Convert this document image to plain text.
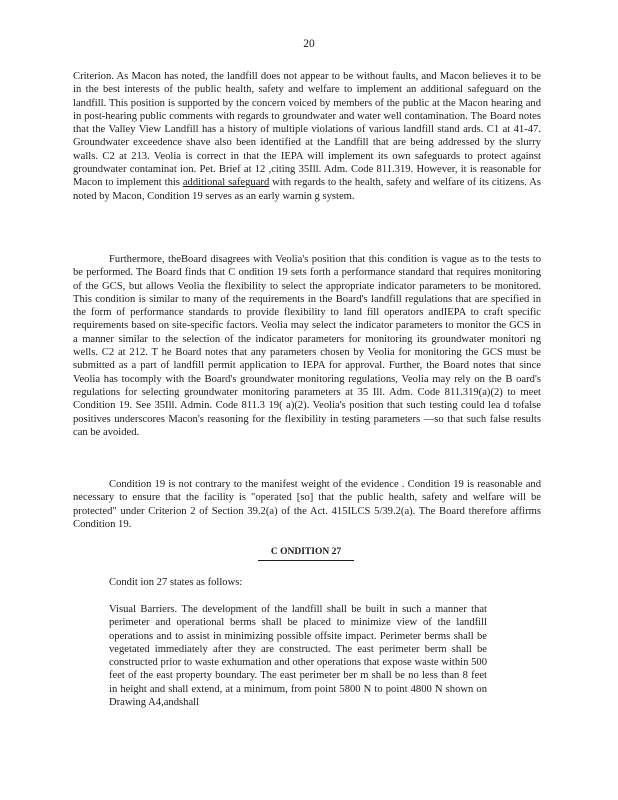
20

Criterion. As Macon has noted, the landfill does not appear to be without faults, and Macon believes it to be in the best interests of the public health, safety and welfare to implement an additional safeguard on the landfill. This position is supported by the concern voiced by members of the public at the Macon hearing and in post-hearing public comments with regards to groundwater and water well contamination. The Board notes that the Valley View Landfill has a history of multiple violations of various landfill stand ards. C1 at 41-47. Groundwater exceedence shave also been identified at the Landfill that are being addressed by the slurry walls. C2 at 213. Veolia is correct in that the IEPA will implement its own safeguards to protect against groundwater contaminat ion. Pet. Brief at 12 ,citing 35Ill. Adm. Code 811.319. However, it is reasonable for Macon to implement this additional safeguard with regards to the health, safety and welfare of its citizens. As noted by Macon, Condition 19 serves as an early warnin g system.

Furthermore, theBoard disagrees with Veolia's position that this condition is vague as to the tests to be performed. The Board finds that C ondition 19 sets forth a performance standard that requires monitoring of the GCS, but allows Veolia the flexibility to select the appropriate indicator parameters to be monitored. This condition is similar to many of the requirements in the Board's landfill regulations that are specified in the form of performance standards to provide flexibility to land fill operators andIEPA to craft specific requirements based on site-specific factors. Veolia may select the indicator parameters to monitor the GCS in a manner similar to the selection of the indicator parameters for monitoring its groundwater monitori ng wells. C2 at 212. T he Board notes that any parameters chosen by Veolia for monitoring the GCS must be submitted as a part of landfill permit application to IEPA for approval. Further, the Board notes that since Veolia has tocomply with the Board's groundwater monitoring regulations, Veolia may rely on the B oard's regulations for selecting groundwater monitoring parameters at 35 Ill. Adm. Code 811.319(a)(2) to meet Condition 19. See 35Ill. Admin. Code 811.3 19( a)(2). Veolia's position that such testing could lea d tofalse positives underscores Macon's reasoning for the flexibility in testing parameters —so that such false results can be avoided.

Condition 19 is not contrary to the manifest weight of the evidence . Condition 19 is reasonable and necessary to ensure that the facility is "operated [so] that the public health, safety and welfare will be protected" under Criterion 2 of Section 39.2(a) of the Act. 415ILCS 5/39.2(a). The Board therefore affirms Condition 19.

C ONDITION 27

Condit ion 27 states as follows:

Visual Barriers. The development of the landfill shall be built in such a manner that perimeter and operational berms shall be placed to minimize view of the landfill operations and to assist in minimizing possible offsite impact. Perimeter berms shall be vegetated immediately after they are constructed. The east perimeter berm shall be constructed prior to waste exhumation and other operations that expose waste within 500 feet of the east property boundary. The east perimeter ber m shall be no less than 8 feet in height and shall extend, at a minimum, from point 5800 N to point 4800 N shown on Drawing A4,andshall
